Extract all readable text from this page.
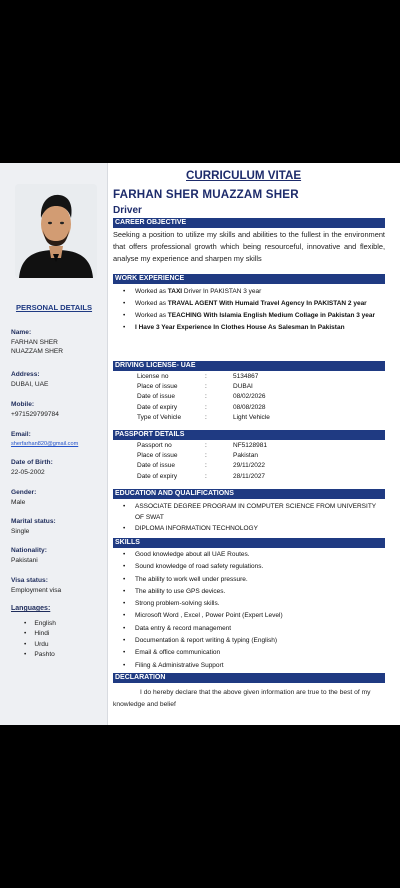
PERSONAL DETAILS
Name:
FARHAN SHER
NUAZZAM SHER
Address:
DUBAI, UAE
Mobile:
+971529799784
Email:
sherfarhan820@gmail.com
Date of Birth:
22-05-2002
Gender:
Male
Marital status:
Single
Nationality:
Pakistani
Visa status:
Employment visa
Languages:
• English
• Hindi
• Urdu
• Pashto
CURRICULUM VITAE
FARHAN SHER MUAZZAM SHER
Driver
CAREER OBJECTIVE
Seeking a position to utilize my skills and abilities to the fullest in the environment that offers professional growth which being resourceful, innovative and flexible, analyse my experience and sharpen my skills
WORK EXPERIENCE
• Worked as TAXI Driver In PAKISTAN 3 year
• Worked as TRAVAL AGENT With Humaid Travel Agency In PAKISTAN 2 year
• Worked as TEACHING With Islamia English Medium Collage in Pakistan 3 year
• I Have 3 Year Experience In Clothes House As Salesman In Pakistan
DRIVING LICENSE- UAE
License no	:	5134867
Place of issue	:	DUBAI
Date of issue	:	08/02/2026
Date of expiry	:	08/08/2028
Type of Vehicle	:	Light Vehicle
PASSPORT DETAILS
Passport no	:	NF5128981
Place of issue	:	Pakistan
Date of issue	:	29/11/2022
Date of expiry	:	28/11/2027
EDUCATION AND QUALIFICATIONS
• ASSOCIATE DEGREE PROGRAM IN COMPUTER SCIENCE FROM UNIVERSITY OF SWAT
• DIPLOMA INFORMATION TECHNOLOGY
SKILLS
• Good knowledge about all UAE Routes.
• Sound knowledge of road safety regulations.
• The ability to work well under pressure.
• The ability to use GPS devices.
• Strong problem-solving skills.
• Microsoft Word , Excel , Power Point (Expert Level)
• Data entry & record management
• Documentation & report writing & typing (English)
• Email & office communication
• Filing & Administrative Support
DECLARATION
I do hereby declare that the above given information are true to the best of my knowledge and belief
